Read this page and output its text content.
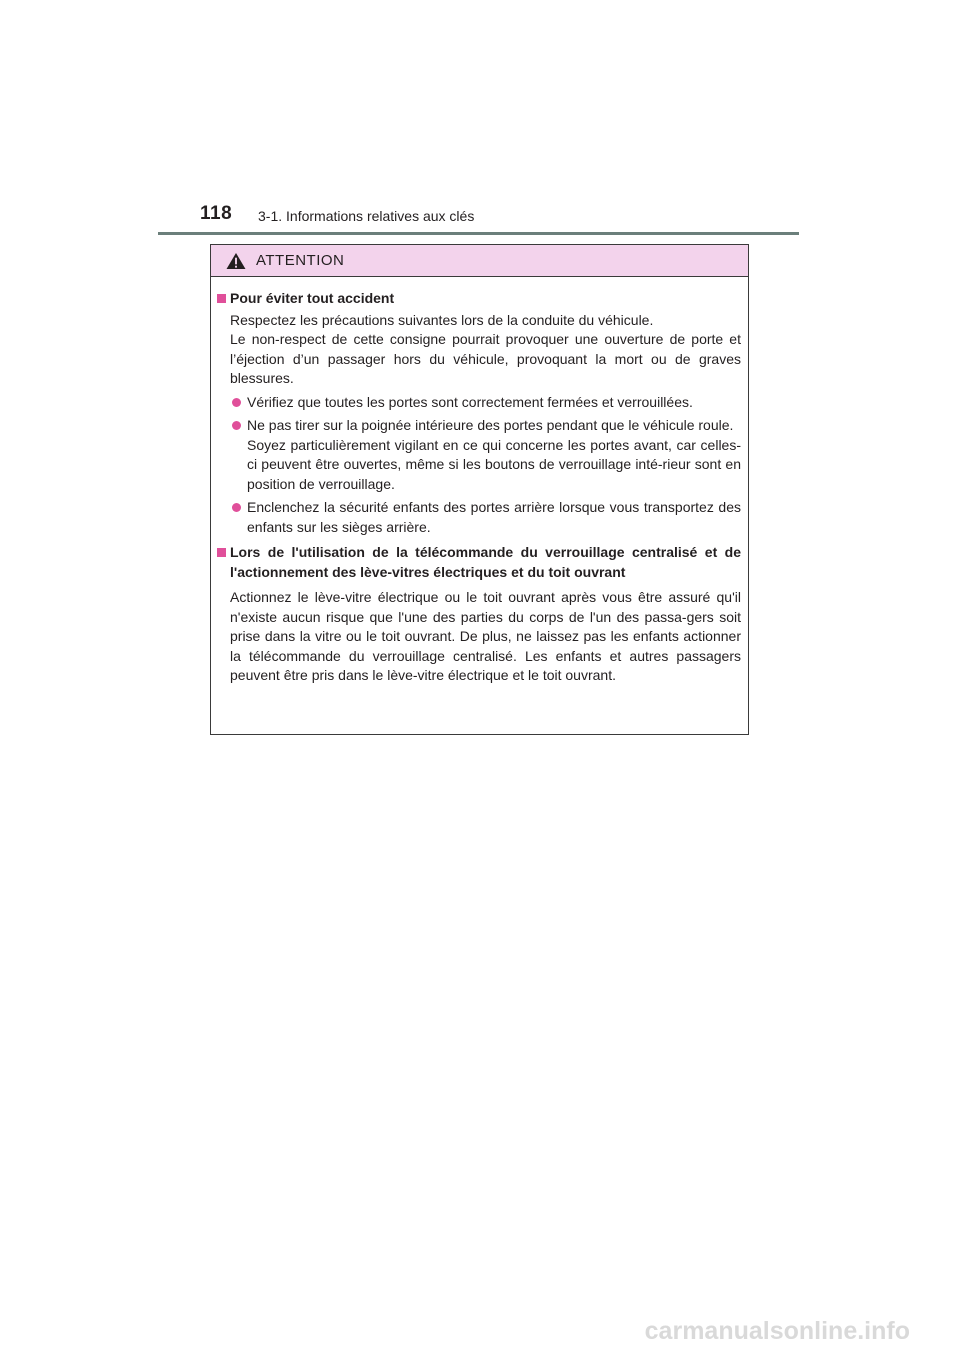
118 3-1. Informations relatives aux clés
ATTENTION
Pour éviter tout accident

Respectez les précautions suivantes lors de la conduite du véhicule.

Le non-respect de cette consigne pourrait provoquer une ouverture de porte et l’éjection d’un passager hors du véhicule, provoquant la mort ou de graves blessures.

Vérifiez que toutes les portes sont correctement fermées et verrouillées.

Ne pas tirer sur la poignée intérieure des portes pendant que le véhicule roule.

Soyez particulièrement vigilant en ce qui concerne les portes avant, car celles-ci peuvent être ouvertes, même si les boutons de verrouillage inté-rieur sont en position de verrouillage.

Enclenchez la sécurité enfants des portes arrière lorsque vous transportez des enfants sur les sièges arrière.

Lors de l'utilisation de la télécommande du verrouillage centralisé et de l'actionnement des lève-vitres électriques et du toit ouvrant

Actionnez le lève-vitre électrique ou le toit ouvrant après vous être assuré qu'il n'existe aucun risque que l'une des parties du corps de l'un des passa-gers soit prise dans la vitre ou le toit ouvrant. De plus, ne laissez pas les enfants actionner la télécommande du verrouillage centralisé. Les enfants et autres passagers peuvent être pris dans le lève-vitre électrique et le toit ouvrant.

carmanualsonline.info
